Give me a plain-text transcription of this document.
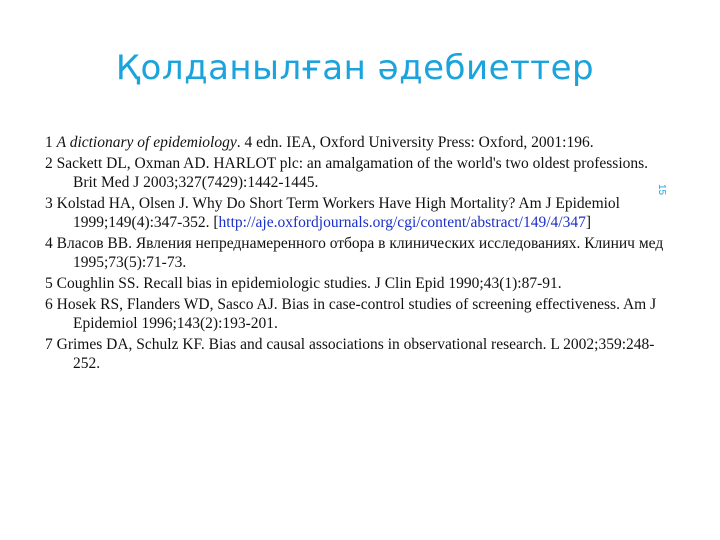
Қолданылған әдебиеттер
15
1 A dictionary of epidemiology. 4 edn. IEA, Oxford University Press: Oxford, 2001:196.
2 Sackett DL, Oxman AD. HARLOT plc: an amalgamation of the world's two oldest professions. Brit Med J 2003;327(7429):1442-1445.
3 Kolstad HA, Olsen J. Why Do Short Term Workers Have High Mortality? Am J Epidemiol 1999;149(4):347-352. [http://aje.oxfordjournals.org/cgi/content/abstract/149/4/347]
4 Власов ВВ. Явления непреднамеренного отбора в клинических исследованиях. Клинич мед 1995;73(5):71-73.
5 Coughlin SS. Recall bias in epidemiologic studies. J Clin Epid 1990;43(1):87-91.
6 Hosek RS, Flanders WD, Sasco AJ. Bias in case-control studies of screening effectiveness. Am J Epidemiol 1996;143(2):193-201.
7 Grimes DA, Schulz KF. Bias and causal associations in observational research. L 2002;359:248-252.
